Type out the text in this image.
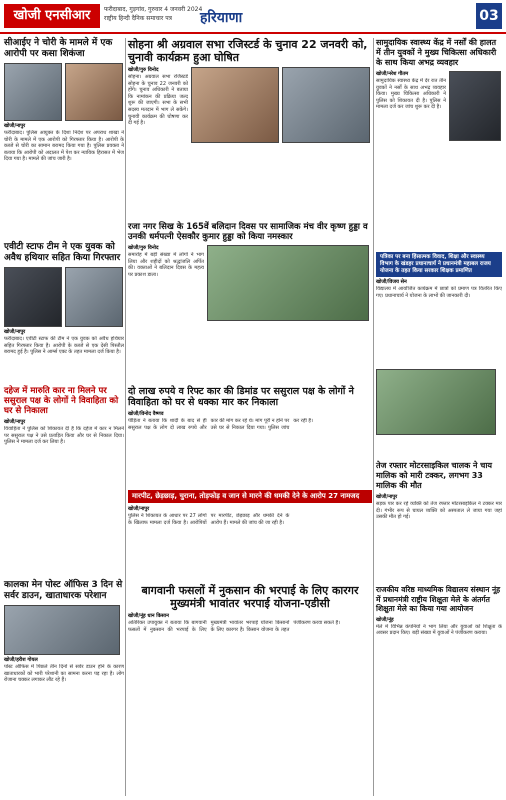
खोजी एनसीआर	फरीदाबाद, गुड़गांव, गुरुवार 4 जनवरी 2024
राष्ट्रीय हिन्दी दैनिक समाचार पत्र	हरियाणा	03
सीआईए ने चोरी के मामले में एक आरोपी पर कसा शिकंजा
खोजी/नापुर
फरीदाबाद। पुलिस आयुक्त के दिशा निर्देश पर अपराध शाखा ने चोरी के मामले में एक आरोपी को गिरफ्तार किया है। आरोपी के कब्जे से चोरी का सामान बरामद किया गया है। पुलिस प्रवक्ता ने बताया कि आरोपी को अदालत में पेश कर न्यायिक हिरासत में भेज दिया गया है। मामले की जांच जारी है।
सोहना श्री अग्रवाल सभा रजिस्टर्ड के चुनाव 22 जनवरी को, चुनावी कार्यक्रम हुआ घोषित
खोजी/गुरु विनोद
सोहना। अग्रवाल सभा रजिस्टर्ड सोहना के चुनाव 22 जनवरी को होंगे। चुनाव अधिकारी ने बताया कि नामांकन की प्रक्रिया जल्द शुरू की जाएगी। सभा के सभी सदस्य मतदान में भाग ले सकेंगे। चुनावी कार्यक्रम की घोषणा कर दी गई है।
सामुदायिक स्वास्थ्य केंद्र में नर्सों की हालत में तीन युवकों ने मुख्य चिकित्सा अधिकारी के साथ किया अभद्र व्यवहार
खोजी/नरेश गौतम
सामुदायिक स्वास्थ्य केंद्र में देर रात तीन युवकों ने नर्सों के साथ अभद्र व्यवहार किया। मुख्य चिकित्सा अधिकारी ने पुलिस को शिकायत दी है। पुलिस ने मामला दर्ज कर जांच शुरू कर दी है।
एवीटी स्टाफ टीम ने एक युवक को अवैध हथियार सहित किया गिरफ्तार
खोजी/नापुर
फरीदाबाद। एवीटी स्टाफ की टीम ने एक युवक को अवैध हथियार सहित गिरफ्तार किया है। आरोपी के कब्जे से एक देसी पिस्तौल बरामद हुई है। पुलिस ने आर्म्स एक्ट के तहत मामला दर्ज किया है।
रजा नगर सिख के 165वें बलिदान दिवस पर सामाजिक मंच वीर कृष्ण हुड्डा व उनकी धर्मपत्नी ऐसकौर कुमार हुड्डा को किया नमस्कार
खोजी/गुरु विनोद
समारोह में बड़ी संख्या में लोगों ने भाग लिया और शहीदों को श्रद्धांजलि अर्पित की। वक्ताओं ने बलिदान दिवस के महत्व पर प्रकाश डाला।
पत्रिका पर बना हिंसात्मक विवाद, शिक्षा और स्वास्थ्य विभाग के खंडहर प्रधानाचार्य ने प्रधानमंत्री महाबल राजय योजना के तहत किया सरकार शिक्षक प्रमाणित
खोजी/विजय सेन
विद्यालय में आयोजित कार्यक्रम में छात्रों को प्रमाण पत्र वितरित किए गए। प्रधानाचार्य ने योजना के लाभों की जानकारी दी।
दहेज में मारुति कार ना मिलने पर ससुराल पक्ष के लोगों ने विवाहिता को घर से निकाला
खोजी/नापुर
विवाहिता ने पुलिस को शिकायत दी है कि दहेज में कार न मिलने पर ससुराल पक्ष ने उसे प्रताड़ित किया और घर से निकाल दिया। पुलिस ने मामला दर्ज कर लिया है।
दो लाख रुपये व रिफ्ट कार की डिमांड पर ससुराल पक्ष के लोगों ने विवाहिता को घर से धक्का मार कर निकाला
खोजी/विनोद वैष्णव
पीड़िता ने बताया कि शादी के बाद से ही ससुराल पक्ष के लोग दो लाख रुपये और कार की मांग कर रहे थे। मांग पूरी न होने पर उसे घर से निकाल दिया गया। पुलिस जांच कर रही है।
मारपीट, छेड़छाड़, चुराना, तोड़फोड़ व जान से मारने की धमकी देने के आरोप 27 नामजद
खोजी/नापुर
पुलिस ने शिकायत के आधार पर 27 लोगों के खिलाफ मामला दर्ज किया है। आरोपियों पर मारपीट, छेड़छाड़ और धमकी देने के आरोप हैं। मामले की जांच की जा रही है।
तेज रफ्तार मोटरसाइकिल चालक ने चाय मालिक को मारी टक्कर, लगभग 33 मालिक की मौत
खोजी/नापुर
सड़क पार कर रहे व्यक्ति को तेज रफ्तार मोटरसाइकिल ने टक्कर मार दी। गंभीर रूप से घायल व्यक्ति को अस्पताल ले जाया गया जहां उसकी मौत हो गई।
कालका मेन पोस्ट ऑफिस 3 दिन से सर्वर डाउन, खाताधारक परेशान
खोजी/हरीश गोयल
पोस्ट ऑफिस में पिछले तीन दिनों से सर्वर डाउन होने के कारण खाताधारकों को भारी परेशानी का सामना करना पड़ रहा है। लोग रोजाना चक्कर लगाकर लौट रहे हैं।
बागवानी फसलों में नुकसान की भरपाई के लिए कारगर मुख्यमंत्री भावांतर भरपाई योजना-एडीसी
खोजी/नूंह धान किसान
अतिरिक्त उपायुक्त ने बताया कि बागवानी फसलों में नुकसान की भरपाई के लिए मुख्यमंत्री भावांतर भरपाई योजना किसानों के लिए कारगर है। किसान योजना के तहत पंजीकरण करवा सकते हैं।
राजकीय वरिष्ठ माध्यमिक विद्यालय संस्थान नूंह में प्रधानमंत्री राष्ट्रीय शिक्षुता मेले के अंतर्गत शिक्षुता मेले का किया गया आयोजन
खोजी/नूंह
मेले में विभिन्न कंपनियों ने भाग लिया और युवाओं को शिक्षुता के अवसर प्रदान किए। बड़ी संख्या में युवाओं ने पंजीकरण कराया।
